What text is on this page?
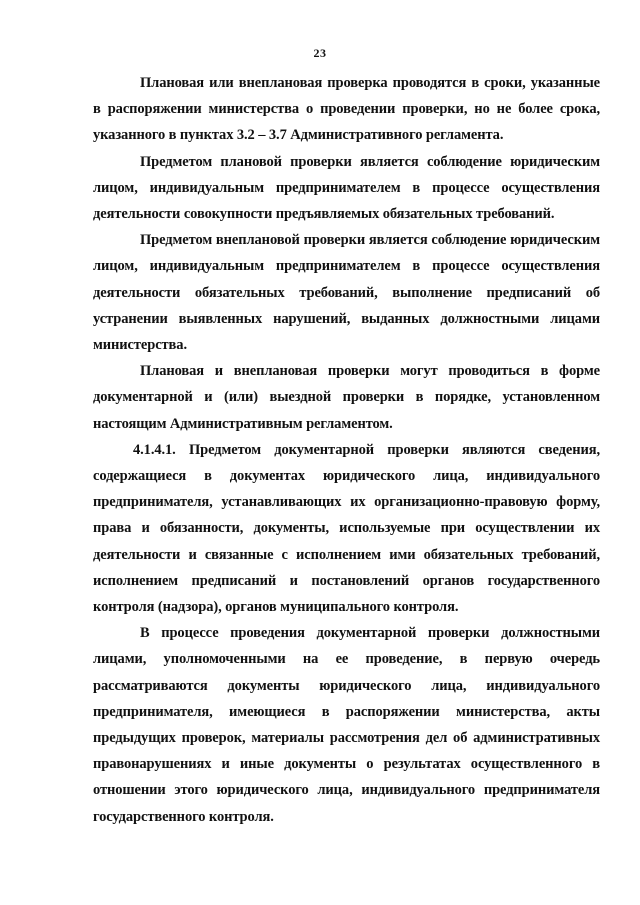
23

Плановая или внеплановая проверка проводятся в сроки, указанные в распоряжении министерства о проведении проверки, но не более срока, указанного в пунктах 3.2 – 3.7 Административного регламента.

Предметом плановой проверки является соблюдение юридическим лицом, индивидуальным предпринимателем в процессе осуществления деятельности совокупности предъявляемых обязательных требований.

Предметом внеплановой проверки является соблюдение юридическим лицом, индивидуальным предпринимателем в процессе осуществления деятельности обязательных требований, выполнение предписаний об устранении выявленных нарушений, выданных должностными лицами министерства.

Плановая и внеплановая проверки могут проводиться в форме документарной и (или) выездной проверки в порядке, установленном настоящим Административным регламентом.

4.1.4.1. Предметом документарной проверки являются сведения, содержащиеся в документах юридического лица, индивидуального предпринимателя, устанавливающих их организационно-правовую форму, права и обязанности, документы, используемые при осуществлении их деятельности и связанные с исполнением ими обязательных требований, исполнением предписаний и постановлений органов государственного контроля (надзора), органов муниципального контроля.

В процессе проведения документарной проверки должностными лицами, уполномоченными на ее проведение, в первую очередь рассматриваются документы юридического лица, индивидуального предпринимателя, имеющиеся в распоряжении министерства, акты предыдущих проверок, материалы рассмотрения дел об административных правонарушениях и иные документы о результатах осуществленного в отношении этого юридического лица, индивидуального предпринимателя государственного контроля.
